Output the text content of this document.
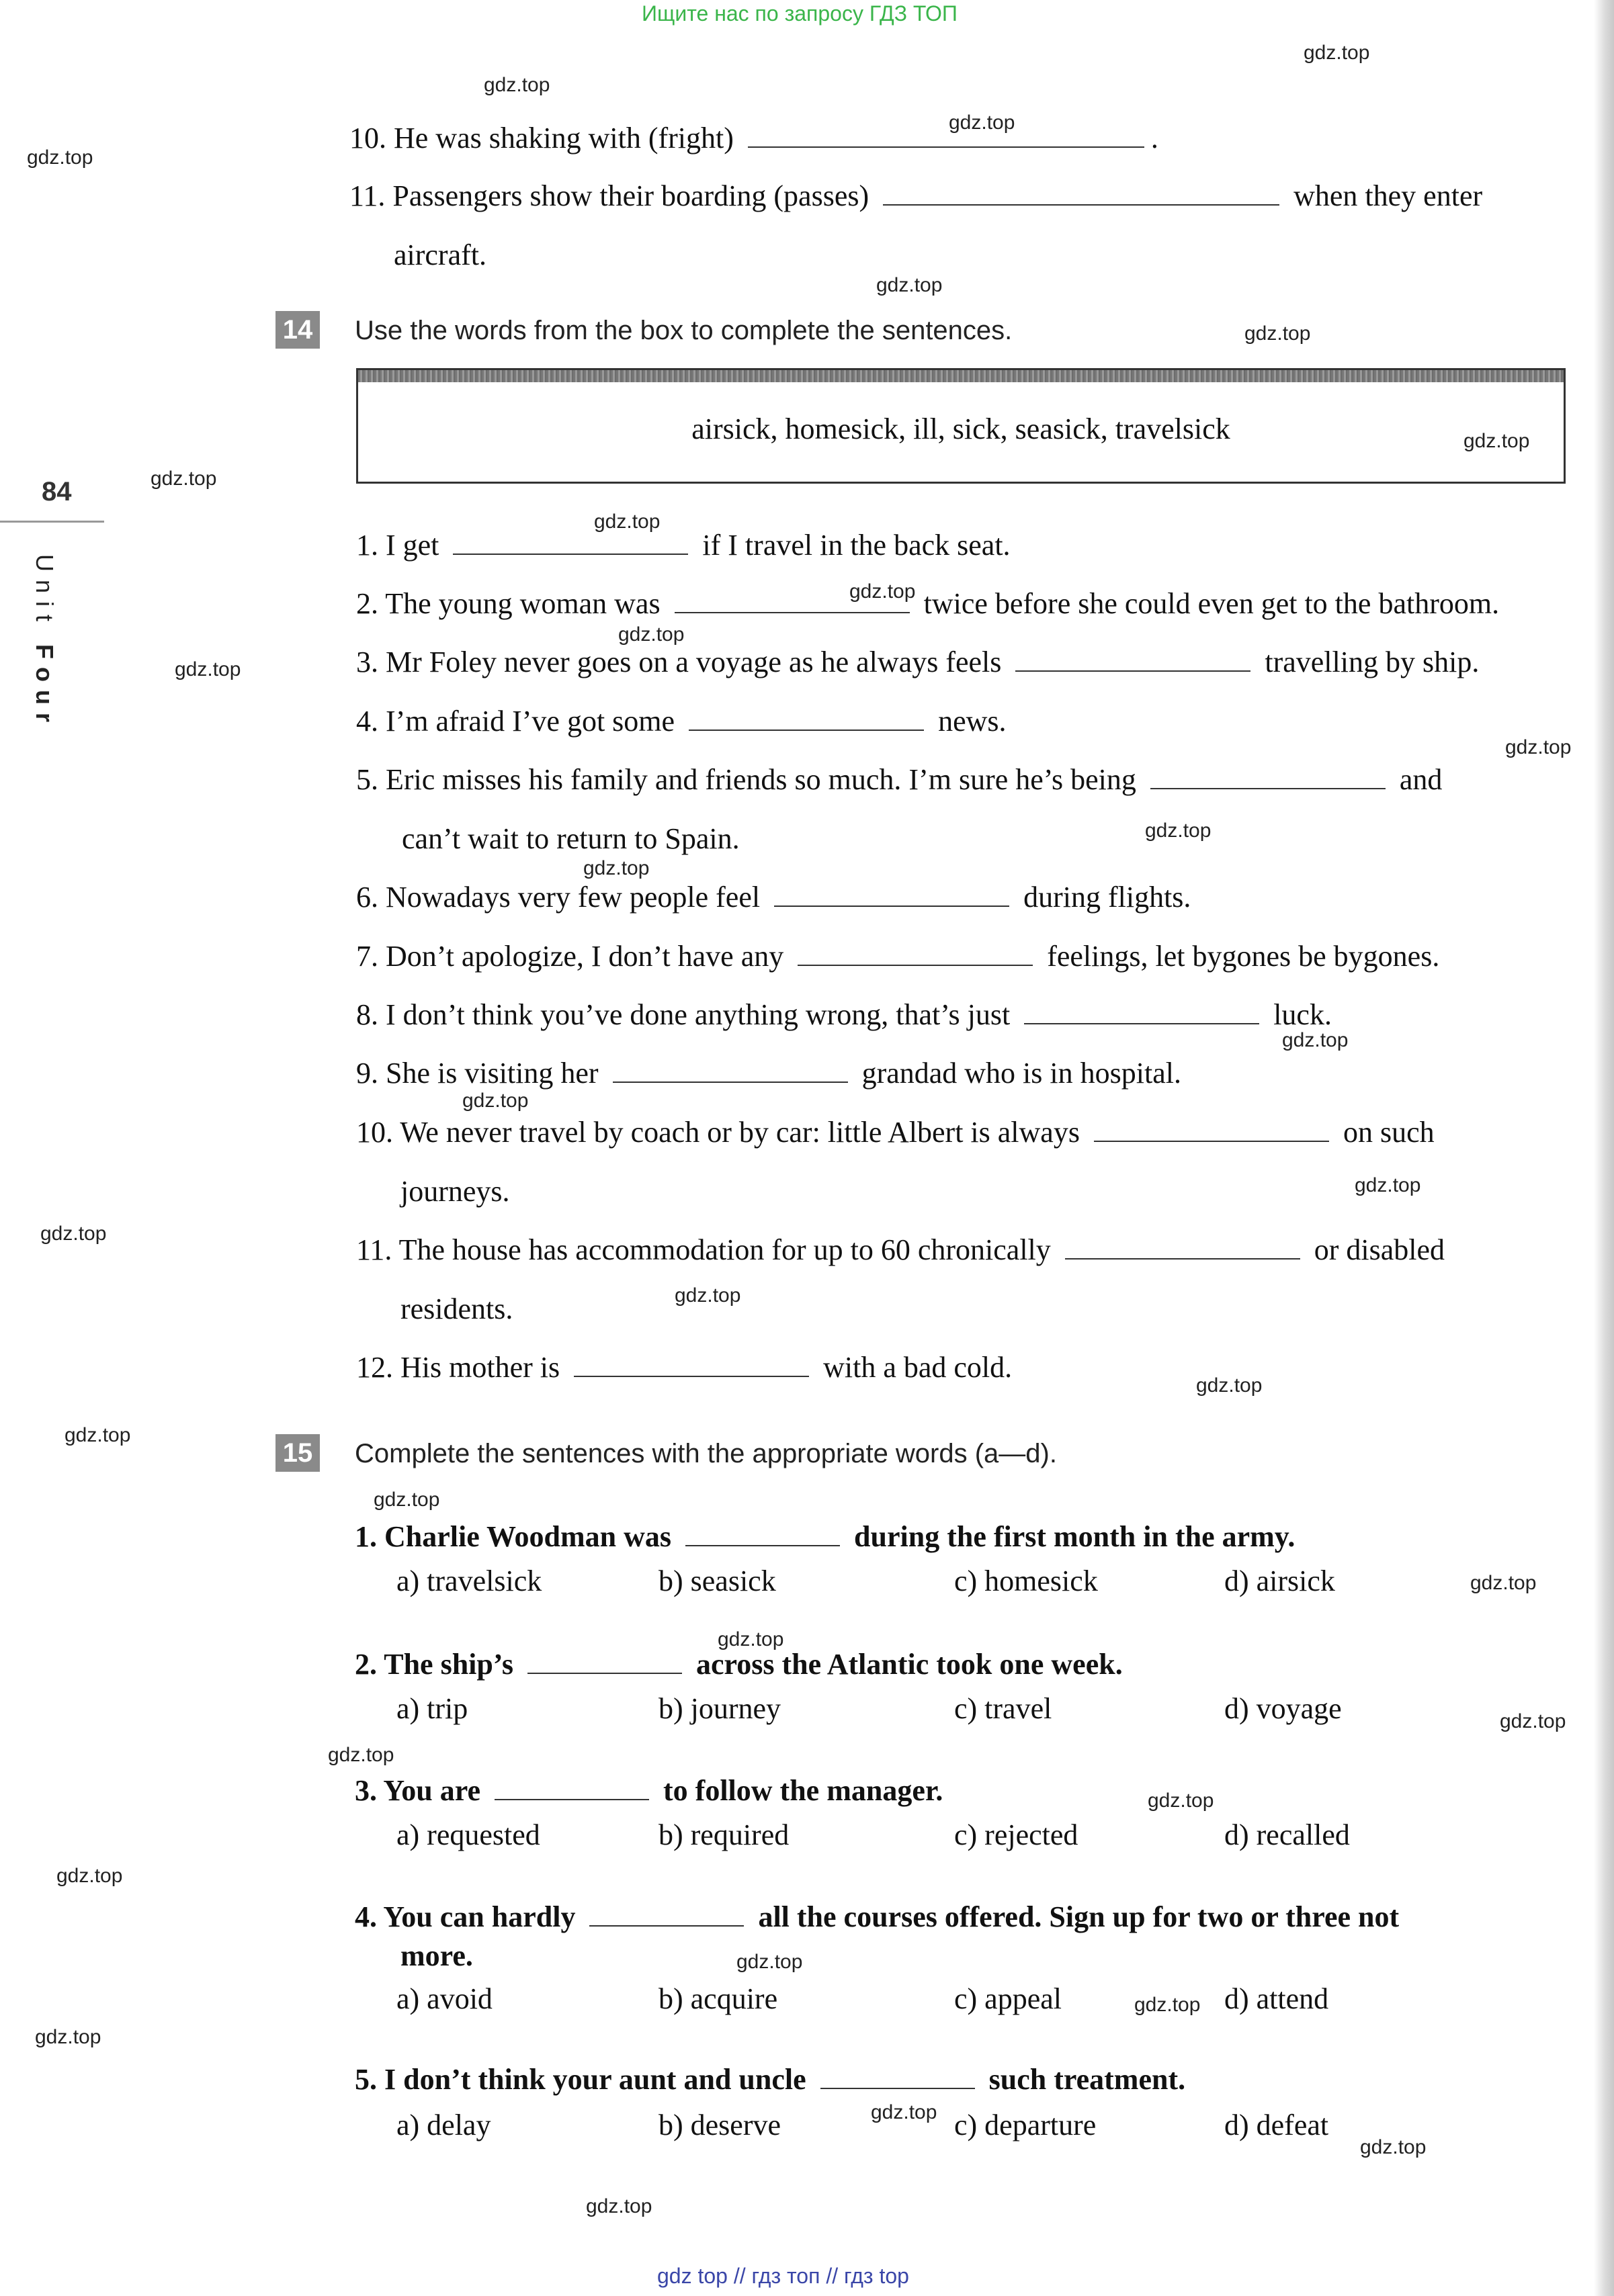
Ищите нас по запросу ГДЗ ТОП
84
Unit Four
10. He was shaking with (fright)	.
11. Passengers show their boarding (passes)	when they enter
aircraft.
14 Use the words from the box to complete the sentences.
airsick, homesick, ill, sick, seasick, travelsick
1. I get	if I travel in the back seat.
2. The young woman was	twice before she could even get to the bathroom.
3. Mr Foley never goes on a voyage as he always feels	travelling by ship.
4. I’m afraid I’ve got some	news.
5. Eric misses his family and friends so much. I’m sure he’s being	and
can’t wait to return to Spain.
6. Nowadays very few people feel	during flights.
7. Don’t apologize, I don’t have any	feelings, let bygones be bygones.
8. I don’t think you’ve done anything wrong, that’s just	luck.
9. She is visiting her	grandad who is in hospital.
10. We never travel by coach or by car: little Albert is always	on such
journeys.
11. The house has accommodation for up to 60 chronically	or disabled
residents.
12. His mother is	with a bad cold.
15 Complete the sentences with the appropriate words (a—d).
1. Charlie Woodman was	during the first month in the army.
a) travelsick	b) seasick	c) homesick	d) airsick
2. The ship’s	across the Atlantic took one week.
a) trip	b) journey	c) travel	d) voyage
3. You are	to follow the manager.
a) requested	b) required	c) rejected	d) recalled
4. You can hardly	all the courses offered. Sign up for two or three not
more.
a) avoid	b) acquire	c) appeal	d) attend
5. I don’t think your aunt and uncle	such treatment.
a) delay	b) deserve	c) departure	d) defeat
gdz.top
gdz.top
gdz.top
gdz.top
gdz.top
gdz.top
gdz.top
gdz.top
gdz.top
gdz.top
gdz.top
gdz.top
gdz.top
gdz.top
gdz.top
gdz.top
gdz.top
gdz.top
gdz.top
gdz.top
gdz.top
gdz.top
gdz.top
gdz.top
gdz.top
gdz.top
gdz.top
gdz.top
gdz.top
gdz.top
gdz.top
gdz.top
gdz.top
gdz.top
gdz.top
gdz top // гдз топ // гдз top
